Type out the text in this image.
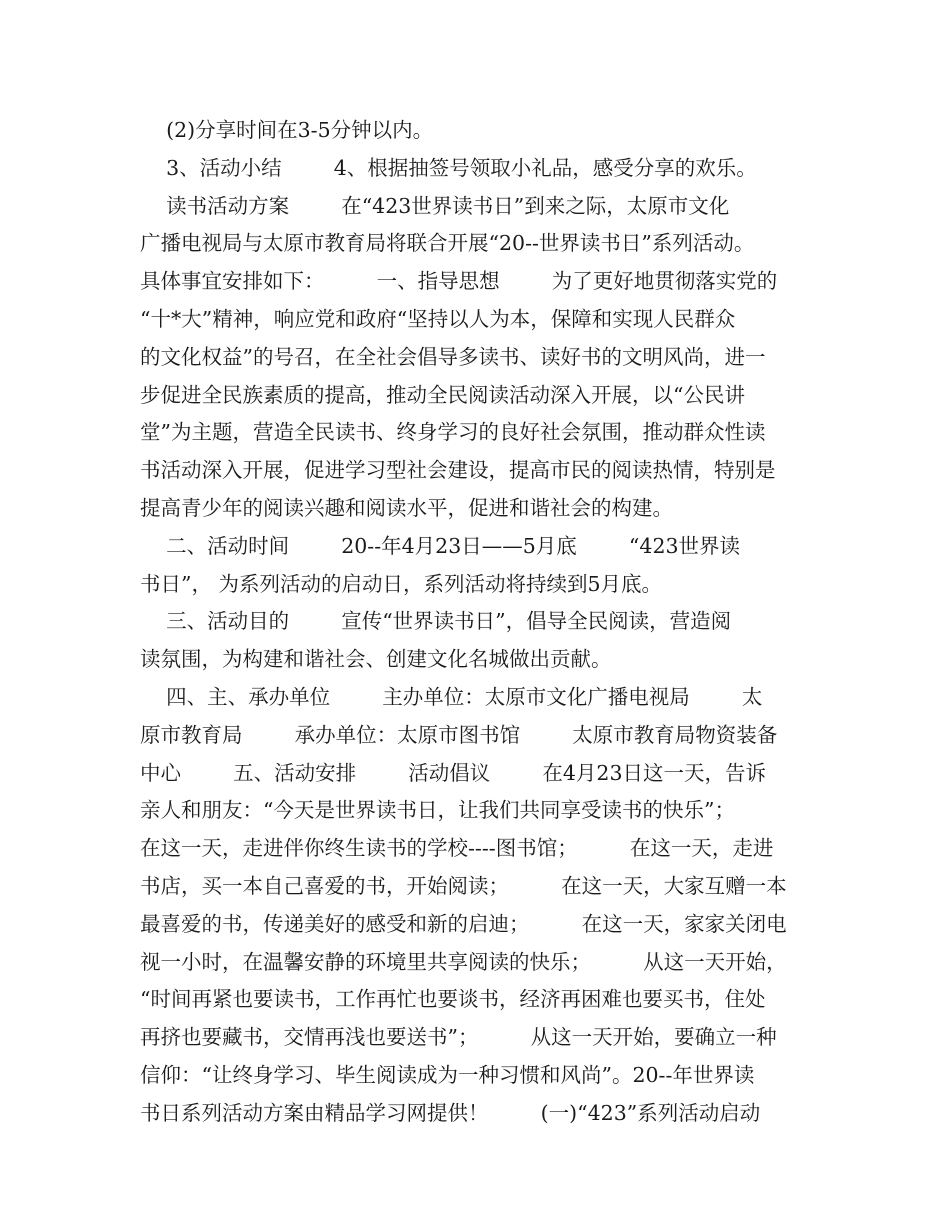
(2)分享时间在3-5分钟以内。
3、活动小结        4、根据抽签号领取小礼品，感受分享的欢乐。
读书活动方案        在“423世界读书日”到来之际，太原市文化
广播电视局与太原市教育局将联合开展“20--世界读书日”系列活动。
具体事宜安排如下：        一、指导思想        为了更好地贯彻落实党的
“十*大”精神，响应党和政府“坚持以人为本，保障和实现人民群众
的文化权益”的号召，在全社会倡导多读书、读好书的文明风尚，进一
步促进全民族素质的提高，推动全民阅读活动深入开展，以“公民讲
堂”为主题，营造全民读书、终身学习的良好社会氛围，推动群众性读
书活动深入开展，促进学习型社会建设，提高市民的阅读热情，特别是
提高青少年的阅读兴趣和阅读水平，促进和谐社会的构建。
二、活动时间        20--年4月23日——5月底        “423世界读
书日”， 为系列活动的启动日，系列活动将持续到5月底。
三、活动目的        宣传“世界读书日”，倡导全民阅读，营造阅
读氛围，为构建和谐社会、创建文化名城做出贡献。
四、主、承办单位        主办单位：太原市文化广播电视局        太
原市教育局        承办单位：太原市图书馆        太原市教育局物资装备
中心        五、活动安排        活动倡议        在4月23日这一天，告诉
亲人和朋友：“今天是世界读书日，让我们共同享受读书的快乐”；
在这一天，走进伴你终生读书的学校----图书馆；        在这一天，走进
书店，买一本自己喜爱的书，开始阅读；        在这一天，大家互赠一本
最喜爱的书，传递美好的感受和新的启迪；        在这一天，家家关闭电
视一小时，在温馨安静的环境里共享阅读的快乐；        从这一天开始，
“时间再紧也要读书，工作再忙也要谈书，经济再困难也要买书，住处
再挤也要藏书，交情再浅也要送书”；        从这一天开始，要确立一种
信仰：“让终身学习、毕生阅读成为一种习惯和风尚”。20--年世界读
书日系列活动方案由精品学习网提供！        (一)“423”系列活动启动
